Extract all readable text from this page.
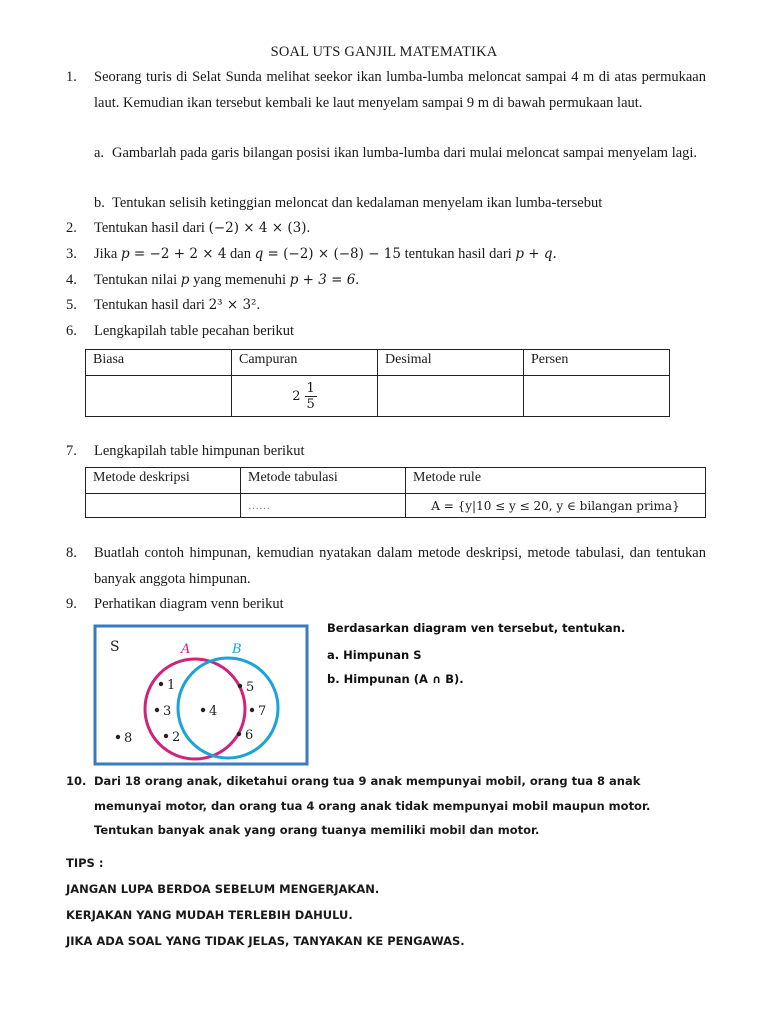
SOAL UTS GANJIL MATEMATIKA
1. Seorang turis di Selat Sunda melihat seekor ikan lumba-lumba meloncat sampai 4 m di atas permukaan laut. Kemudian ikan tersebut kembali ke laut menyelam sampai 9 m di bawah permukaan laut.
a. Gambarlah pada garis bilangan posisi ikan lumba-lumba dari mulai meloncat sampai menyelam lagi.
b. Tentukan selisih ketinggian meloncat dan kedalaman menyelam ikan lumba-tersebut
2. Tentukan hasil dari (−2) × 4 × (3).
3. Jika p = −2 + 2 × 4 dan q = (−2) × (−8) − 15 tentukan hasil dari p + q.
4. Tentukan nilai p yang memenuhi p + 3 = 6.
5. Tentukan hasil dari 2³ × 3².
6. Lengkapilah table pecahan berikut
Biasa	Campuran	Desimal	Persen

	2
1
5		

7. Lengkapilah table himpunan berikut
Metode deskripsi	Metode tabulasi	Metode rule
	……	A = {y|10 ≤ y ≤ 20, y ∈ bilangan prima}
8. Buatlah contoh himpunan, kemudian nyatakan dalam metode deskripsi, metode tabulasi, dan tentukan banyak anggota himpunan.
9. Perhatikan diagram venn berikut
S	A	B
1
3	4
5
7
8	2	6
Berdasarkan diagram ven tersebut, tentukan.
a. Himpunan S
b. Himpunan (A ∩ B).
10. Dari 18 orang anak, diketahui orang tua 9 anak mempunyai mobil, orang tua 8 anak memunyai motor, dan orang tua 4 orang anak tidak mempunyai mobil maupun motor. Tentukan banyak anak yang orang tuanya memiliki mobil dan motor.
TIPS :
JANGAN LUPA BERDOA SEBELUM MENGERJAKAN.
KERJAKAN YANG MUDAH TERLEBIH DAHULU.
JIKA ADA SOAL YANG TIDAK JELAS, TANYAKAN KE PENGAWAS.
